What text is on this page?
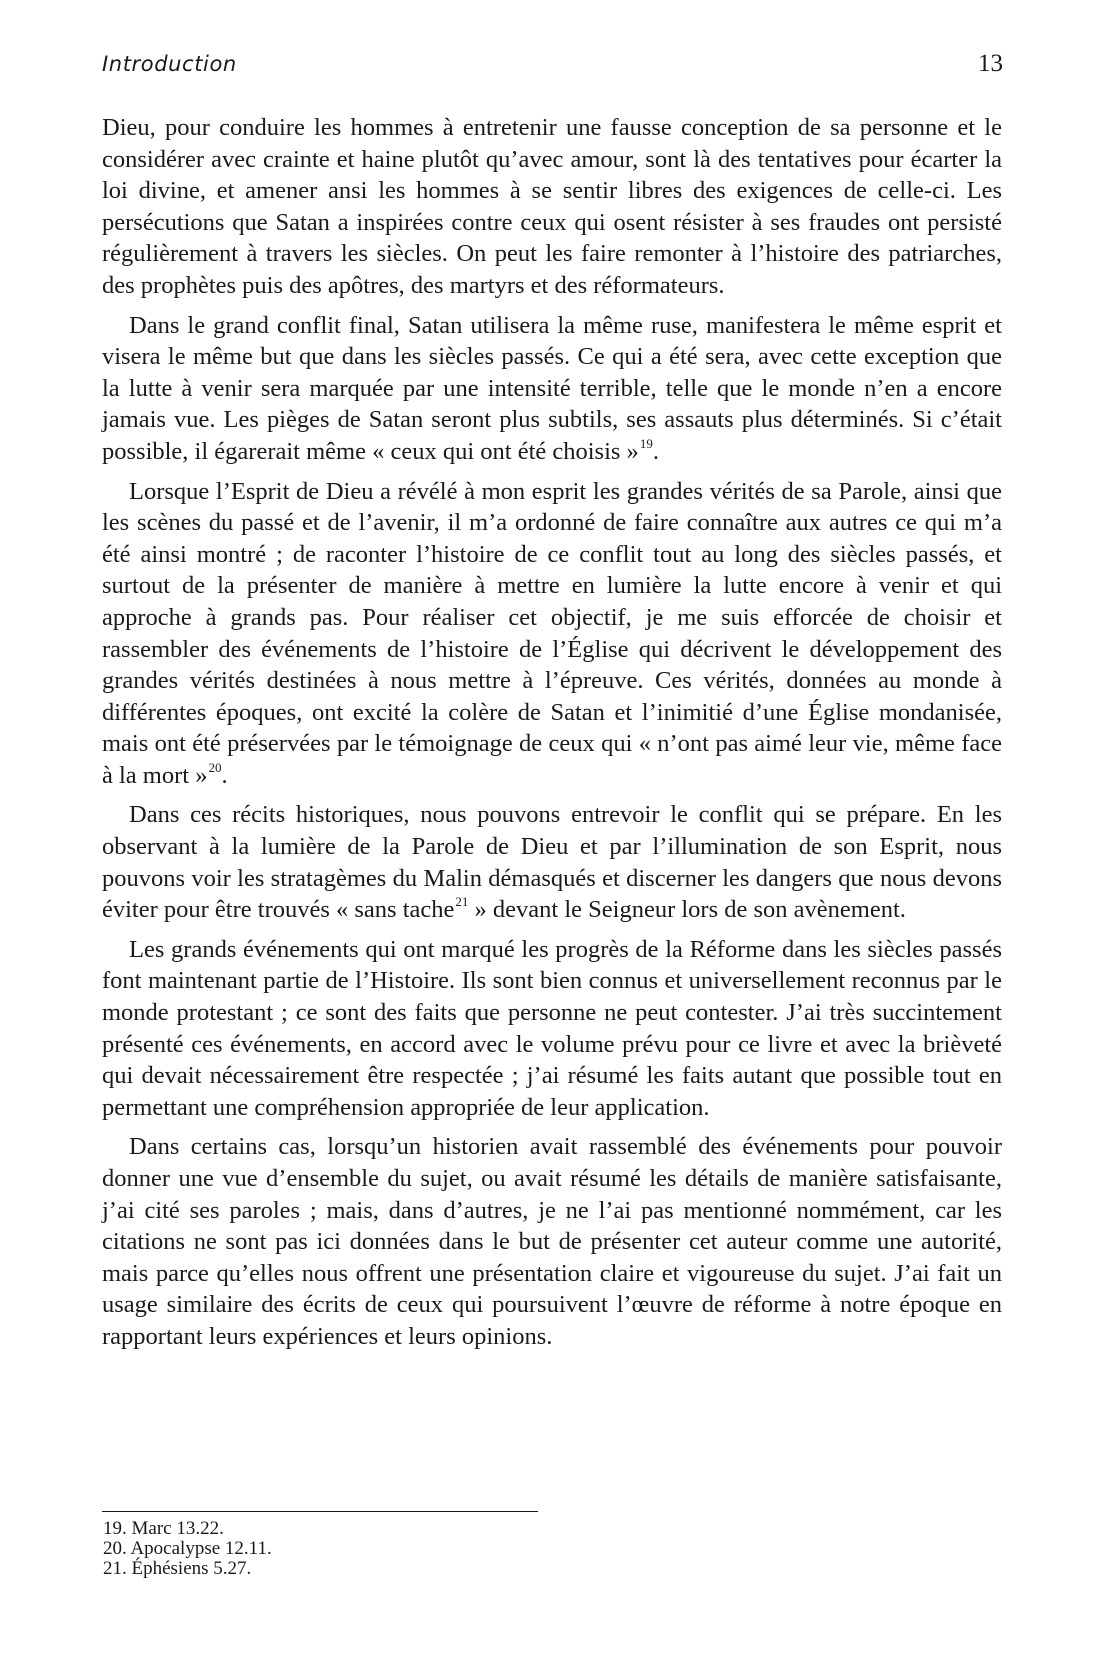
Introduction	13

Dieu, pour conduire les hommes à entretenir une fausse conception de sa personne et le considérer avec crainte et haine plutôt qu’avec amour, sont là des tentatives pour écarter la loi divine, et amener ansi les hommes à se sentir libres des exigences de celle-ci. Les persécutions que Satan a inspirées contre ceux qui osent résister à ses fraudes ont persisté régulièrement à travers les siècles. On peut les faire remonter à l’histoire des patriarches, des prophètes puis des apôtres, des martyrs et des réformateurs.

Dans le grand conflit final, Satan utilisera la même ruse, manifestera le même esprit et visera le même but que dans les siècles passés. Ce qui a été sera, avec cette exception que la lutte à venir sera marquée par une intensité terrible, telle que le monde n’en a encore jamais vue. Les pièges de Satan seront plus subtils, ses assauts plus déterminés. Si c’était possible, il égarerait même « ceux qui ont été choisis »$^{19}$.

Lorsque l’Esprit de Dieu a révélé à mon esprit les grandes vérités de sa Parole, ainsi que les scènes du passé et de l’avenir, il m’a ordonné de faire connaître aux autres ce qui m’a été ainsi montré ; de raconter l’histoire de ce conflit tout au long des siècles passés, et surtout de la présenter de manière à mettre en lumière la lutte encore à venir et qui approche à grands pas. Pour réaliser cet objectif, je me suis efforcée de choisir et rassembler des événements de l’histoire de l’Église qui décrivent le développement des grandes vérités destinées à nous mettre à l’épreuve. Ces vérités, données au monde à différentes époques, ont excité la colère de Satan et l’inimitié d’une Église mondanisée, mais ont été préservées par le témoignage de ceux qui « n’ont pas aimé leur vie, même face à la mort »$^{20}$.

Dans ces récits historiques, nous pouvons entrevoir le conflit qui se prépare. En les observant à la lumière de la Parole de Dieu et par l’illumination de son Esprit, nous pouvons voir les stratagèmes du Malin démasqués et discerner les dangers que nous devons éviter pour être trouvés « sans tache$^{21}$ » devant le Seigneur lors de son avènement.

Les grands événements qui ont marqué les progrès de la Réforme dans les siècles passés font maintenant partie de l’Histoire. Ils sont bien connus et universellement reconnus par le monde protestant ; ce sont des faits que personne ne peut contester. J’ai très succintement présenté ces événements, en accord avec le volume prévu pour ce livre et avec la brièveté qui devait nécessairement être respectée ; j’ai résumé les faits autant que possible tout en permettant une compréhension appropriée de leur application.

Dans certains cas, lorsqu’un historien avait rassemblé des événements pour pouvoir donner une vue d’ensemble du sujet, ou avait résumé les détails de manière satisfaisante, j’ai cité ses paroles ; mais, dans d’autres, je ne l’ai pas mentionné nommément, car les citations ne sont pas ici données dans le but de présenter cet auteur comme une autorité, mais parce qu’elles nous offrent une présentation claire et vigoureuse du sujet. J’ai fait un usage similaire des écrits de ceux qui poursuivent l’œuvre de réforme à notre époque en rapportant leurs expériences et leurs opinions.

19. Marc 13.22.

20. Apocalypse 12.11.

21. Éphésiens 5.27.
